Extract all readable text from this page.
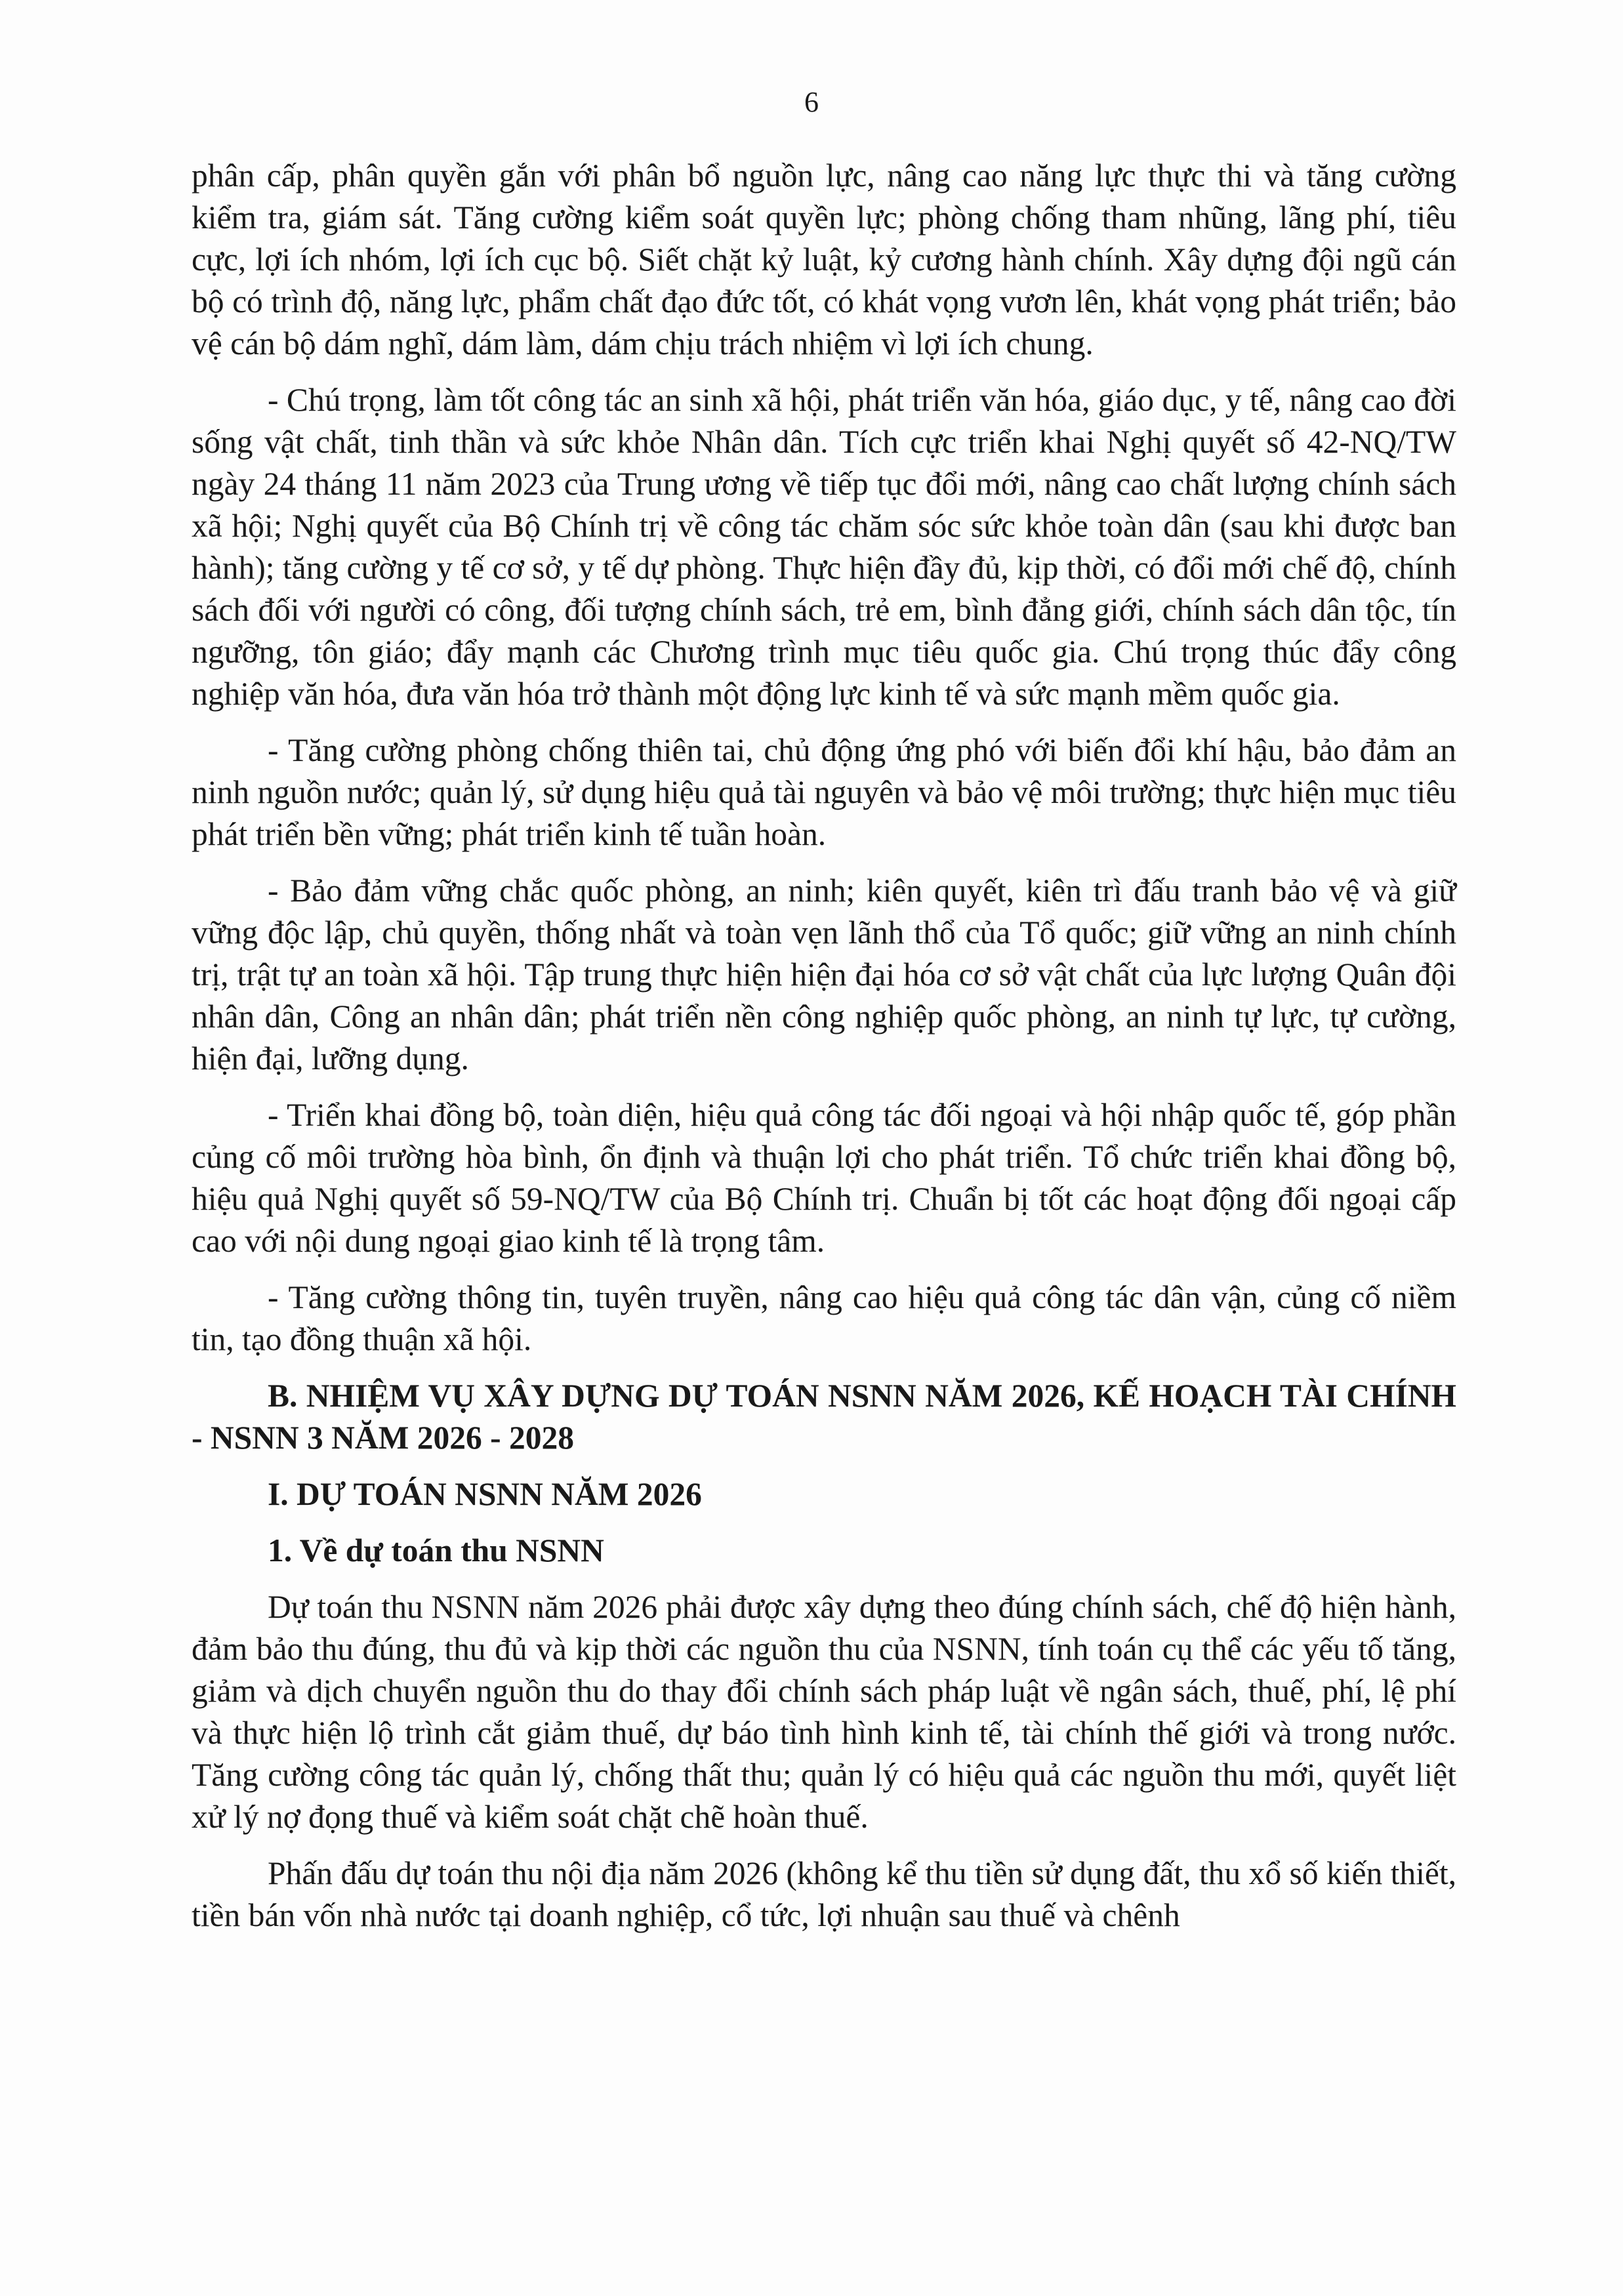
6

phân cấp, phân quyền gắn với phân bổ nguồn lực, nâng cao năng lực thực thi và tăng cường kiểm tra, giám sát. Tăng cường kiểm soát quyền lực; phòng chống tham nhũng, lãng phí, tiêu cực, lợi ích nhóm, lợi ích cục bộ. Siết chặt kỷ luật, kỷ cương hành chính. Xây dựng đội ngũ cán bộ có trình độ, năng lực, phẩm chất đạo đức tốt, có khát vọng vươn lên, khát vọng phát triển; bảo vệ cán bộ dám nghĩ, dám làm, dám chịu trách nhiệm vì lợi ích chung.

- Chú trọng, làm tốt công tác an sinh xã hội, phát triển văn hóa, giáo dục, y tế, nâng cao đời sống vật chất, tinh thần và sức khỏe Nhân dân. Tích cực triển khai Nghị quyết số 42-NQ/TW ngày 24 tháng 11 năm 2023 của Trung ương về tiếp tục đổi mới, nâng cao chất lượng chính sách xã hội; Nghị quyết của Bộ Chính trị về công tác chăm sóc sức khỏe toàn dân (sau khi được ban hành); tăng cường y tế cơ sở, y tế dự phòng. Thực hiện đầy đủ, kịp thời, có đổi mới chế độ, chính sách đối với người có công, đối tượng chính sách, trẻ em, bình đẳng giới, chính sách dân tộc, tín ngưỡng, tôn giáo; đẩy mạnh các Chương trình mục tiêu quốc gia. Chú trọng thúc đẩy công nghiệp văn hóa, đưa văn hóa trở thành một động lực kinh tế và sức mạnh mềm quốc gia.

- Tăng cường phòng chống thiên tai, chủ động ứng phó với biến đổi khí hậu, bảo đảm an ninh nguồn nước; quản lý, sử dụng hiệu quả tài nguyên và bảo vệ môi trường; thực hiện mục tiêu phát triển bền vững; phát triển kinh tế tuần hoàn.

- Bảo đảm vững chắc quốc phòng, an ninh; kiên quyết, kiên trì đấu tranh bảo vệ và giữ vững độc lập, chủ quyền, thống nhất và toàn vẹn lãnh thổ của Tổ quốc; giữ vững an ninh chính trị, trật tự an toàn xã hội. Tập trung thực hiện hiện đại hóa cơ sở vật chất của lực lượng Quân đội nhân dân, Công an nhân dân; phát triển nền công nghiệp quốc phòng, an ninh tự lực, tự cường, hiện đại, lưỡng dụng.

- Triển khai đồng bộ, toàn diện, hiệu quả công tác đối ngoại và hội nhập quốc tế, góp phần củng cố môi trường hòa bình, ổn định và thuận lợi cho phát triển. Tổ chức triển khai đồng bộ, hiệu quả Nghị quyết số 59-NQ/TW của Bộ Chính trị. Chuẩn bị tốt các hoạt động đối ngoại cấp cao với nội dung ngoại giao kinh tế là trọng tâm.

- Tăng cường thông tin, tuyên truyền, nâng cao hiệu quả công tác dân vận, củng cố niềm tin, tạo đồng thuận xã hội.

B. NHIỆM VỤ XÂY DỰNG DỰ TOÁN NSNN NĂM 2026, KẾ HOẠCH TÀI CHÍNH - NSNN 3 NĂM 2026 - 2028

I. DỰ TOÁN NSNN NĂM 2026

1. Về dự toán thu NSNN

Dự toán thu NSNN năm 2026 phải được xây dựng theo đúng chính sách, chế độ hiện hành, đảm bảo thu đúng, thu đủ và kịp thời các nguồn thu của NSNN, tính toán cụ thể các yếu tố tăng, giảm và dịch chuyển nguồn thu do thay đổi chính sách pháp luật về ngân sách, thuế, phí, lệ phí và thực hiện lộ trình cắt giảm thuế, dự báo tình hình kinh tế, tài chính thế giới và trong nước. Tăng cường công tác quản lý, chống thất thu; quản lý có hiệu quả các nguồn thu mới, quyết liệt xử lý nợ đọng thuế và kiểm soát chặt chẽ hoàn thuế.

Phấn đấu dự toán thu nội địa năm 2026 (không kể thu tiền sử dụng đất, thu xổ số kiến thiết, tiền bán vốn nhà nước tại doanh nghiệp, cổ tức, lợi nhuận sau thuế và chênh
